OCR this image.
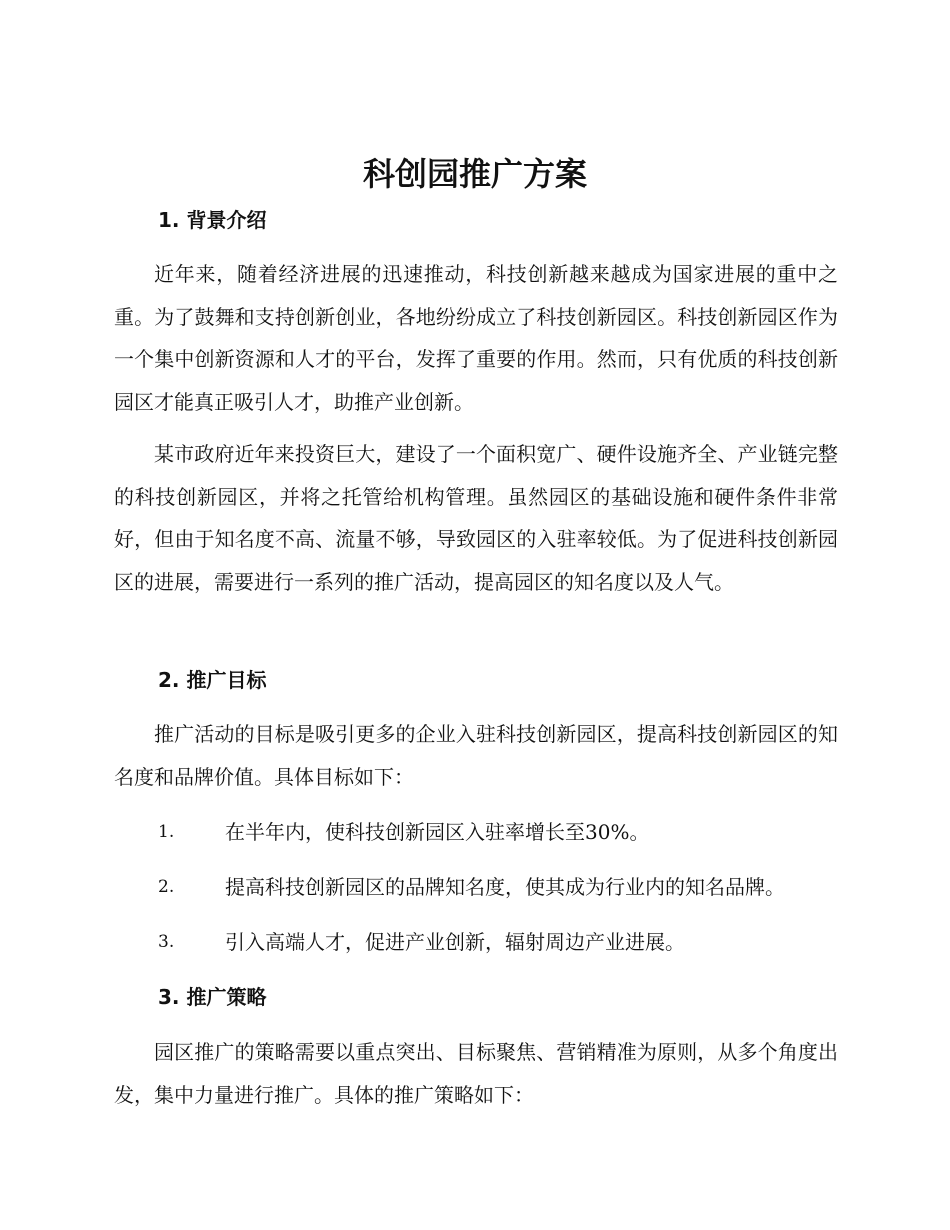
科创园推广方案
1. 背景介绍

近年来，随着经济进展的迅速推动，科技创新越来越成为国家进展的重中之重。为了鼓舞和支持创新创业，各地纷纷成立了科技创新园区。科技创新园区作为一个集中创新资源和人才的平台，发挥了重要的作用。然而，只有优质的科技创新园区才能真正吸引人才，助推产业创新。

某市政府近年来投资巨大，建设了一个面积宽广、硬件设施齐全、产业链完整的科技创新园区，并将之托管给机构管理。虽然园区的基础设施和硬件条件非常好，但由于知名度不高、流量不够，导致园区的入驻率较低。为了促进科技创新园区的进展，需要进行一系列的推广活动，提高园区的知名度以及人气。

2. 推广目标

推广活动的目标是吸引更多的企业入驻科技创新园区，提高科技创新园区的知名度和品牌价值。具体目标如下：

1.	在半年内，使科技创新园区入驻率增长至30%。
2.	提高科技创新园区的品牌知名度，使其成为行业内的知名品牌。
3.	引入高端人才，促进产业创新，辐射周边产业进展。
3. 推广策略

园区推广的策略需要以重点突出、目标聚焦、营销精准为原则，从多个角度出发，集中力量进行推广。具体的推广策略如下：
